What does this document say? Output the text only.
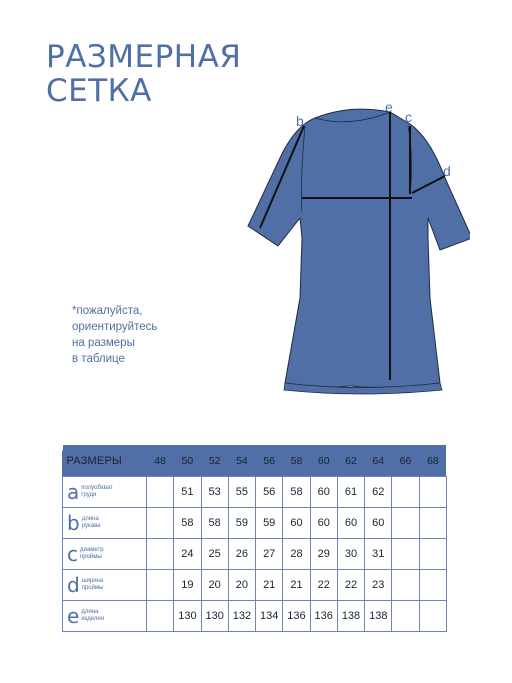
РАЗМЕРНАЯ
СЕТКА
b
e
c
d
a

*пожалуйста,
ориентируйтесь
на размеры
в таблице

РАЗМЕРЫ	48	50	52	54	56	58	60	62	64	66	68
a полуобхват
груди		51	53	55	56	58	60	61	62		
b длина
рукава		58	58	59	59	60	60	60	60		
c диаметр
проймы		24	25	26	27	28	29	30	31		
d ширина
проймы		19	20	20	21	21	22	22	23		
e длина
изделия		130	130	132	134	136	136	138	138		
